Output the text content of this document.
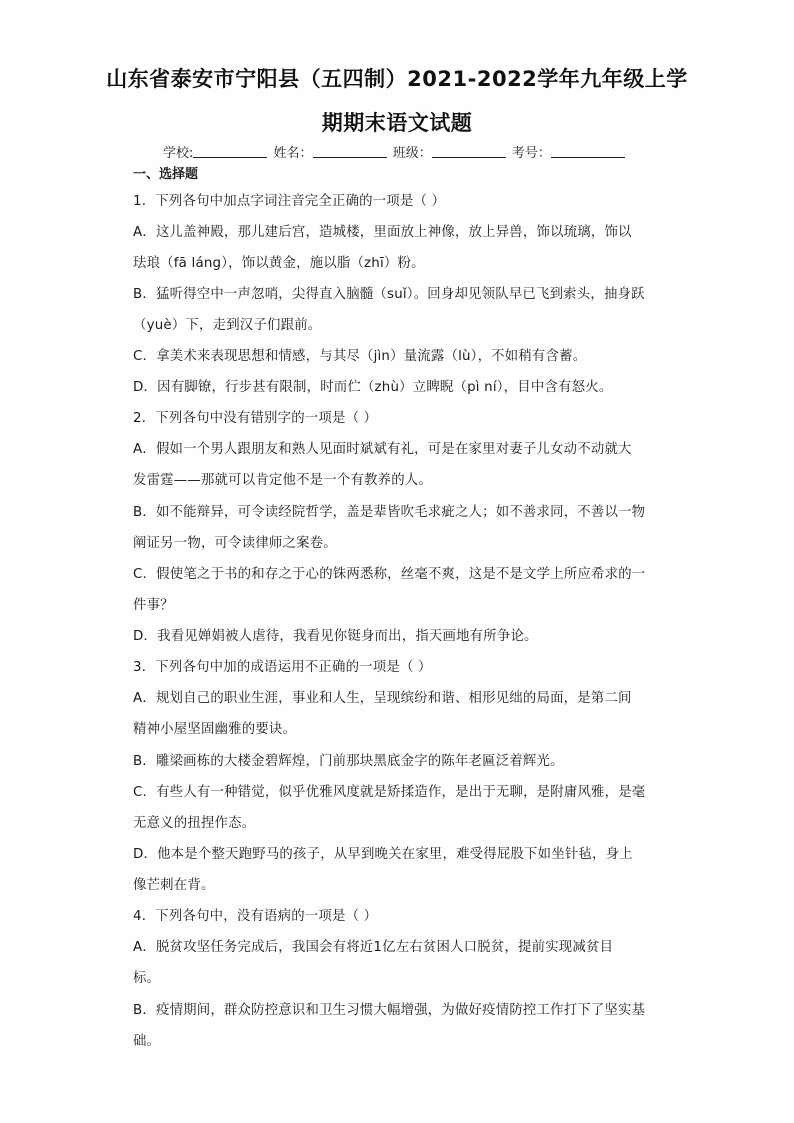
山东省泰安市宁阳县（五四制）2021-2022学年九年级上学
期期末语文试题
学校:	姓名：	班级：	考号：
一、选择题
1．下列各句中加点字词注音完全正确的一项是（ ）
A．这儿盖神殿，那儿建后宫，造城楼，里面放上神像，放上异兽，饰以琉璃，饰以
珐琅（fā láng），饰以黄金，施以脂（zhī）粉。
B．猛听得空中一声忽哨，尖得直入脑髓（suǐ）。回身却见领队早已飞到索头，抽身跃
（yuè）下，走到汉子们跟前。
C．拿美术来表现思想和情感，与其尽（jìn）量流露（lù），不如稍有含蓄。
D．因有脚镣，行步甚有限制，时而伫（zhù）立睥睨（pì ní），目中含有怒火。
2．下列各句中没有错别字的一项是（ ）
A．假如一个男人跟朋友和熟人见面时斌斌有礼，可是在家里对妻子儿女动不动就大
发雷霆——那就可以肯定他不是一个有教养的人。
B．如不能辩异，可令读经院哲学，盖是辈皆吹毛求疵之人；如不善求同，不善以一物
阐证另一物，可令读律师之案卷。
C．假使笔之于书的和存之于心的铢两悉称，丝毫不爽，这是不是文学上所应希求的一
件事？
D．我看见婵娟被人虐待，我看见你铤身而出，指天画地有所争论。
3．下列各句中加的成语运用不正确的一项是（ ）
A．规划自己的职业生涯，事业和人生，呈现缤纷和谐、相形见绌的局面，是第二间
精神小屋坚固幽雅的要诀。
B．雕梁画栋的大楼金碧辉煌，门前那块黑底金字的陈年老匾泛着辉光。
C．有些人有一种错觉，似乎优雅风度就是矫揉造作，是出于无聊，是附庸风雅，是毫
无意义的扭捏作态。
D．他本是个整天跑野马的孩子，从早到晚关在家里，难受得屁股下如坐针毡，身上
像芒刺在背。
4．下列各句中，没有语病的一项是（ ）
A．脱贫攻坚任务完成后，我国会有将近1亿左右贫困人口脱贫，提前实现减贫目
标。
B．疫情期间，群众防控意识和卫生习惯大幅增强，为做好疫情防控工作打下了坚实基
础。
